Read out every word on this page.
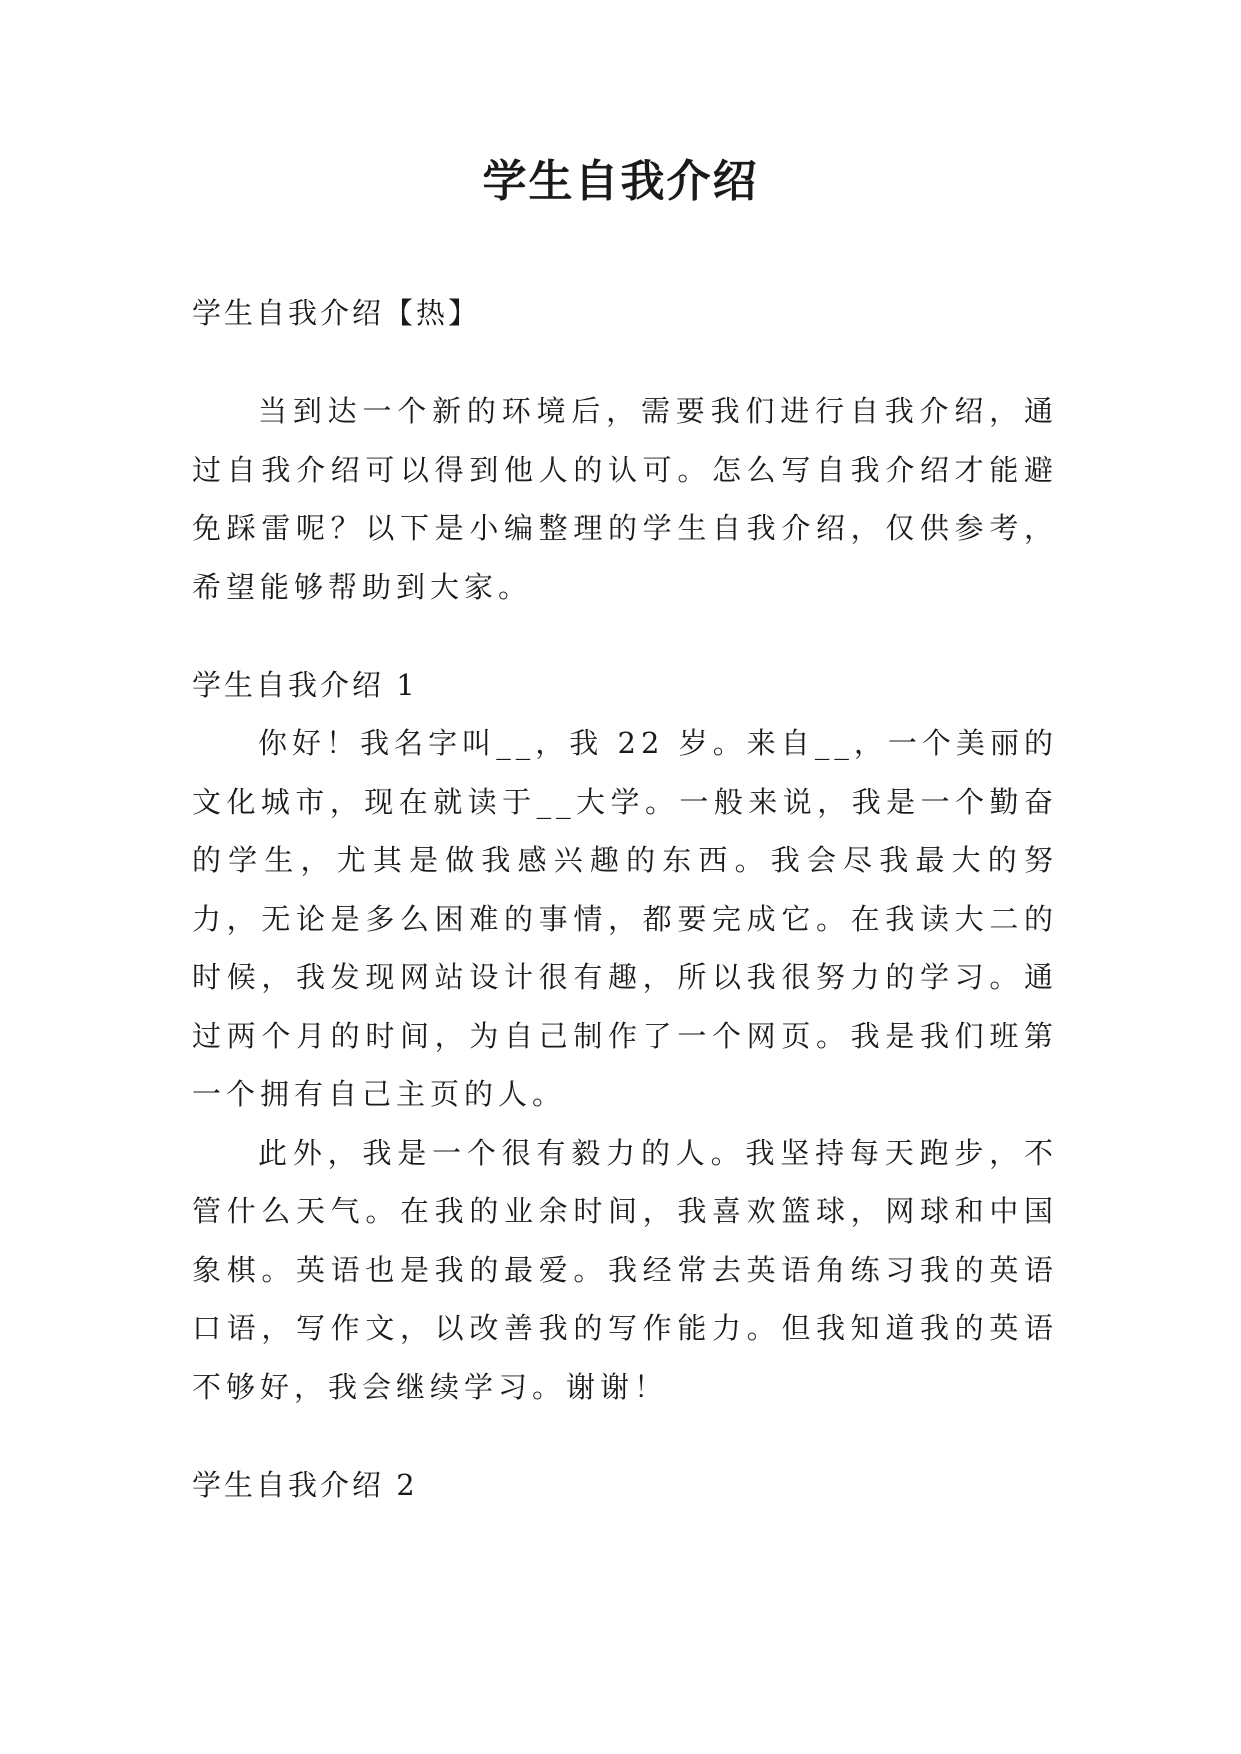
学生自我介绍

学生自我介绍【热】

当到达一个新的环境后，需要我们进行自我介绍，通过自我介绍可以得到他人的认可。怎么写自我介绍才能避免踩雷呢？以下是小编整理的学生自我介绍，仅供参考，希望能够帮助到大家。

学生自我介绍 1

你好！我名字叫__，我 22 岁。来自__，一个美丽的文化城市，现在就读于__大学。一般来说，我是一个勤奋的学生，尤其是做我感兴趣的东西。我会尽我最大的努力，无论是多么困难的事情，都要完成它。在我读大二的时候，我发现网站设计很有趣，所以我很努力的学习。通过两个月的时间，为自己制作了一个网页。我是我们班第一个拥有自己主页的人。

此外，我是一个很有毅力的人。我坚持每天跑步，不管什么天气。在我的业余时间，我喜欢篮球，网球和中国象棋。英语也是我的最爱。我经常去英语角练习我的英语口语，写作文，以改善我的写作能力。但我知道我的英语不够好，我会继续学习。谢谢！

学生自我介绍 2
